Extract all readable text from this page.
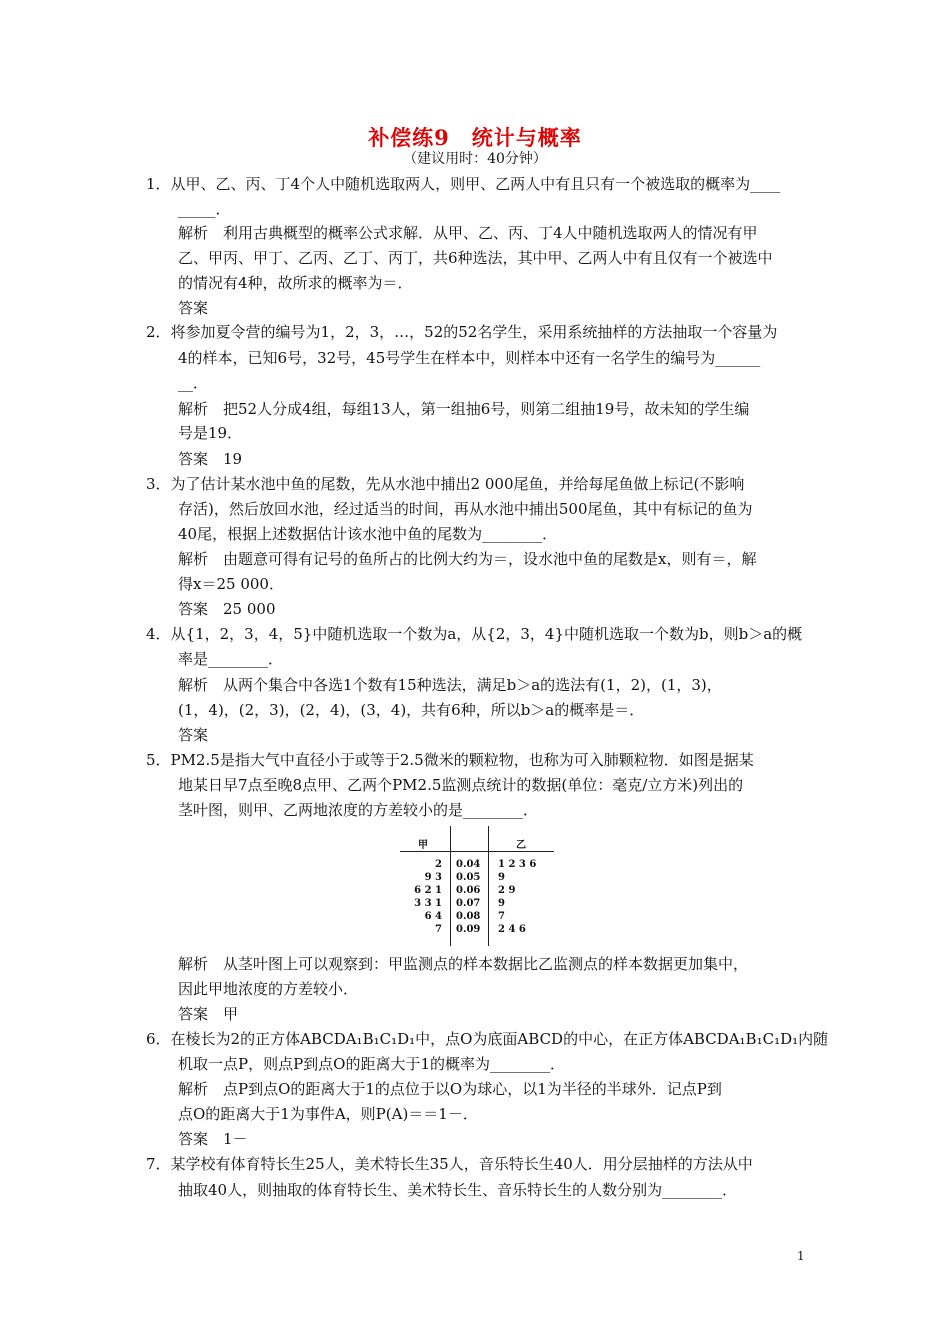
补偿练9　统计与概率
（建议用时：40分钟）
1．从甲、乙、丙、丁4个人中随机选取两人，则甲、乙两人中有且只有一个被选取的概率为____
_____．
解析　利用古典概型的概率公式求解．从甲、乙、丙、丁4人中随机选取两人的情况有甲
乙、甲丙、甲丁、乙丙、乙丁、丙丁，共6种选法，其中甲、乙两人中有且仅有一个被选中
的情况有4种，故所求的概率为＝．
答案
2．将参加夏令营的编号为1，2，3，…，52的52名学生，采用系统抽样的方法抽取一个容量为
4的样本，已知6号，32号，45号学生在样本中，则样本中还有一名学生的编号为______
__．
解析　把52人分成4组，每组13人，第一组抽6号，则第二组抽19号，故未知的学生编
号是19．
答案　19
3．为了估计某水池中鱼的尾数，先从水池中捕出2 000尾鱼，并给每尾鱼做上标记(不影响
存活)，然后放回水池，经过适当的时间，再从水池中捕出500尾鱼，其中有标记的鱼为
40尾，根据上述数据估计该水池中鱼的尾数为________．
解析　由题意可得有记号的鱼所占的比例大约为＝，设水池中鱼的尾数是x，则有＝，解
得x＝25 000．
答案　25 000
4．从{1，2，3，4，5}中随机选取一个数为a，从{2，3，4}中随机选取一个数为b，则b＞a的概
率是________．
解析　从两个集合中各选1个数有15种选法，满足b＞a的选法有(1，2)，(1，3)，
(1，4)，(2，3)，(2，4)，(3，4)，共有6种，所以b＞a的概率是＝．
答案
5．PM2.5是指大气中直径小于或等于2.5微米的颗粒物，也称为可入肺颗粒物．如图是据某
地某日早7点至晚8点甲、乙两个PM2.5监测点统计的数据(单位：毫克/立方米)列出的
茎叶图，则甲、乙两地浓度的方差较小的是________．
甲	乙
2 0.04 1 2 3 6
9 3 0.05 9
6 2 1 0.06 2 9
3 3 1 0.07 9
6 4 0.08 7
7 0.09 2 4 6
解析　从茎叶图上可以观察到：甲监测点的样本数据比乙监测点的样本数据更加集中，
因此甲地浓度的方差较小．
答案　甲
6．在棱长为2的正方体ABCDA₁B₁C₁D₁中，点O为底面ABCD的中心，在正方体ABCDA₁B₁C₁D₁内随
机取一点P，则点P到点O的距离大于1的概率为________．
解析　点P到点O的距离大于1的点位于以O为球心，以1为半径的半球外．记点P到
点O的距离大于1为事件A，则P(A)＝＝1－．
答案　1－
7．某学校有体育特长生25人，美术特长生35人，音乐特长生40人．用分层抽样的方法从中
抽取40人，则抽取的体育特长生、美术特长生、音乐特长生的人数分别为________．
1
